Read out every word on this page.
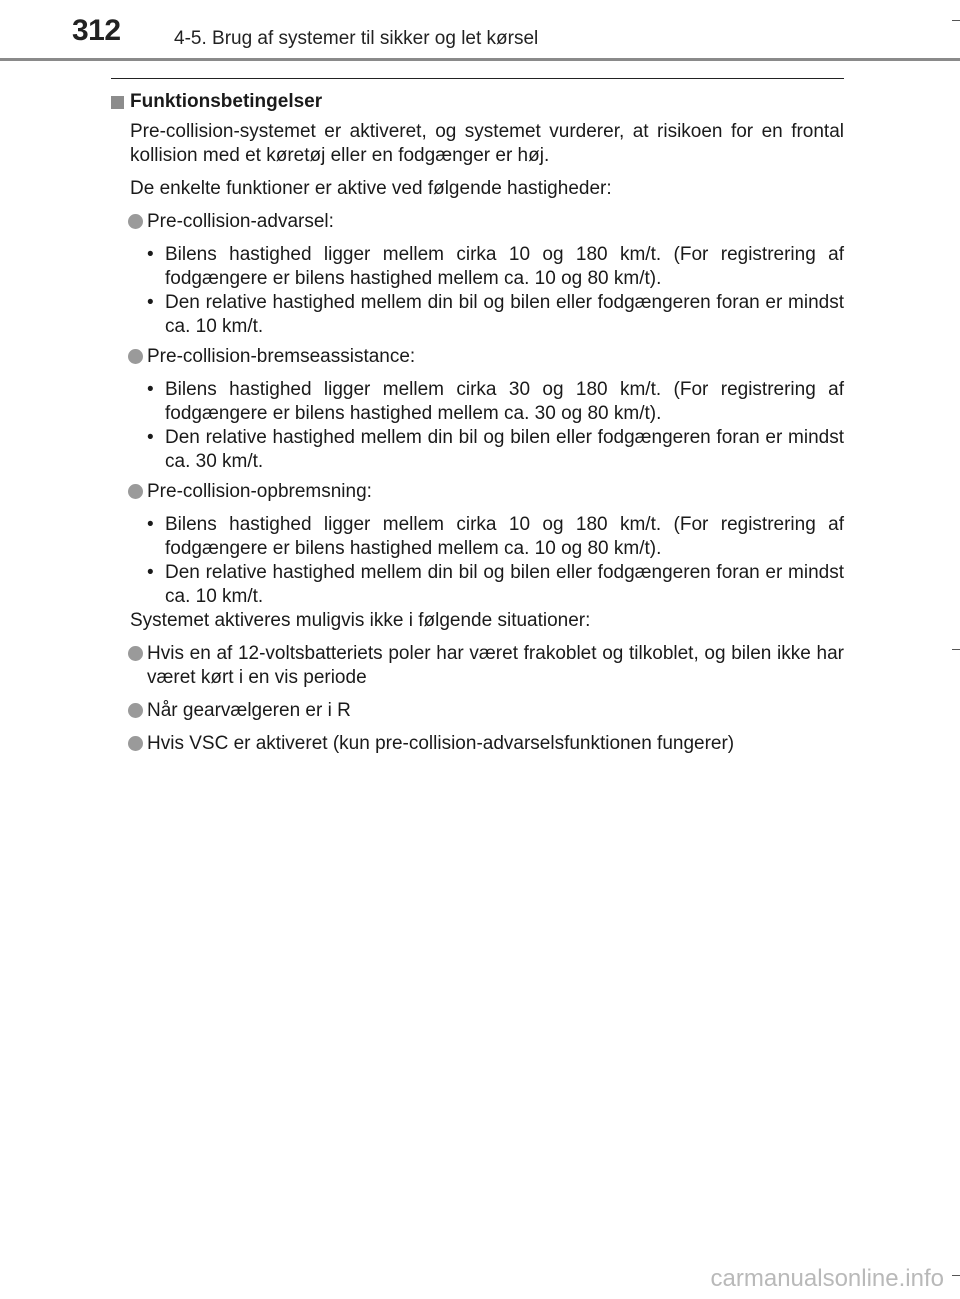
312	4-5. Brug af systemer til sikker og let kørsel
Funktionsbetingelser
Pre-collision-systemet er aktiveret, og systemet vurderer, at risikoen for en frontal kollision med et køretøj eller en fodgænger er høj.
De enkelte funktioner er aktive ved følgende hastigheder:
Pre-collision-advarsel:
• Bilens hastighed ligger mellem cirka 10 og 180 km/t. (For registrering af fodgængere er bilens hastighed mellem ca. 10 og 80 km/t).
• Den relative hastighed mellem din bil og bilen eller fodgængeren foran er mindst ca. 10 km/t.
Pre-collision-bremseassistance:
• Bilens hastighed ligger mellem cirka 30 og 180 km/t. (For registrering af fodgængere er bilens hastighed mellem ca. 30 og 80 km/t).
• Den relative hastighed mellem din bil og bilen eller fodgængeren foran er mindst ca. 30 km/t.
Pre-collision-opbremsning:
• Bilens hastighed ligger mellem cirka 10 og 180 km/t. (For registrering af fodgængere er bilens hastighed mellem ca. 10 og 80 km/t).
• Den relative hastighed mellem din bil og bilen eller fodgængeren foran er mindst ca. 10 km/t.
Systemet aktiveres muligvis ikke i følgende situationer:
Hvis en af 12-voltsbatteriets poler har været frakoblet og tilkoblet, og bilen ikke har været kørt i en vis periode
Når gearvælgeren er i R
Hvis VSC er aktiveret (kun pre-collision-advarselsfunktionen fungerer)
carmanualsonline.info
